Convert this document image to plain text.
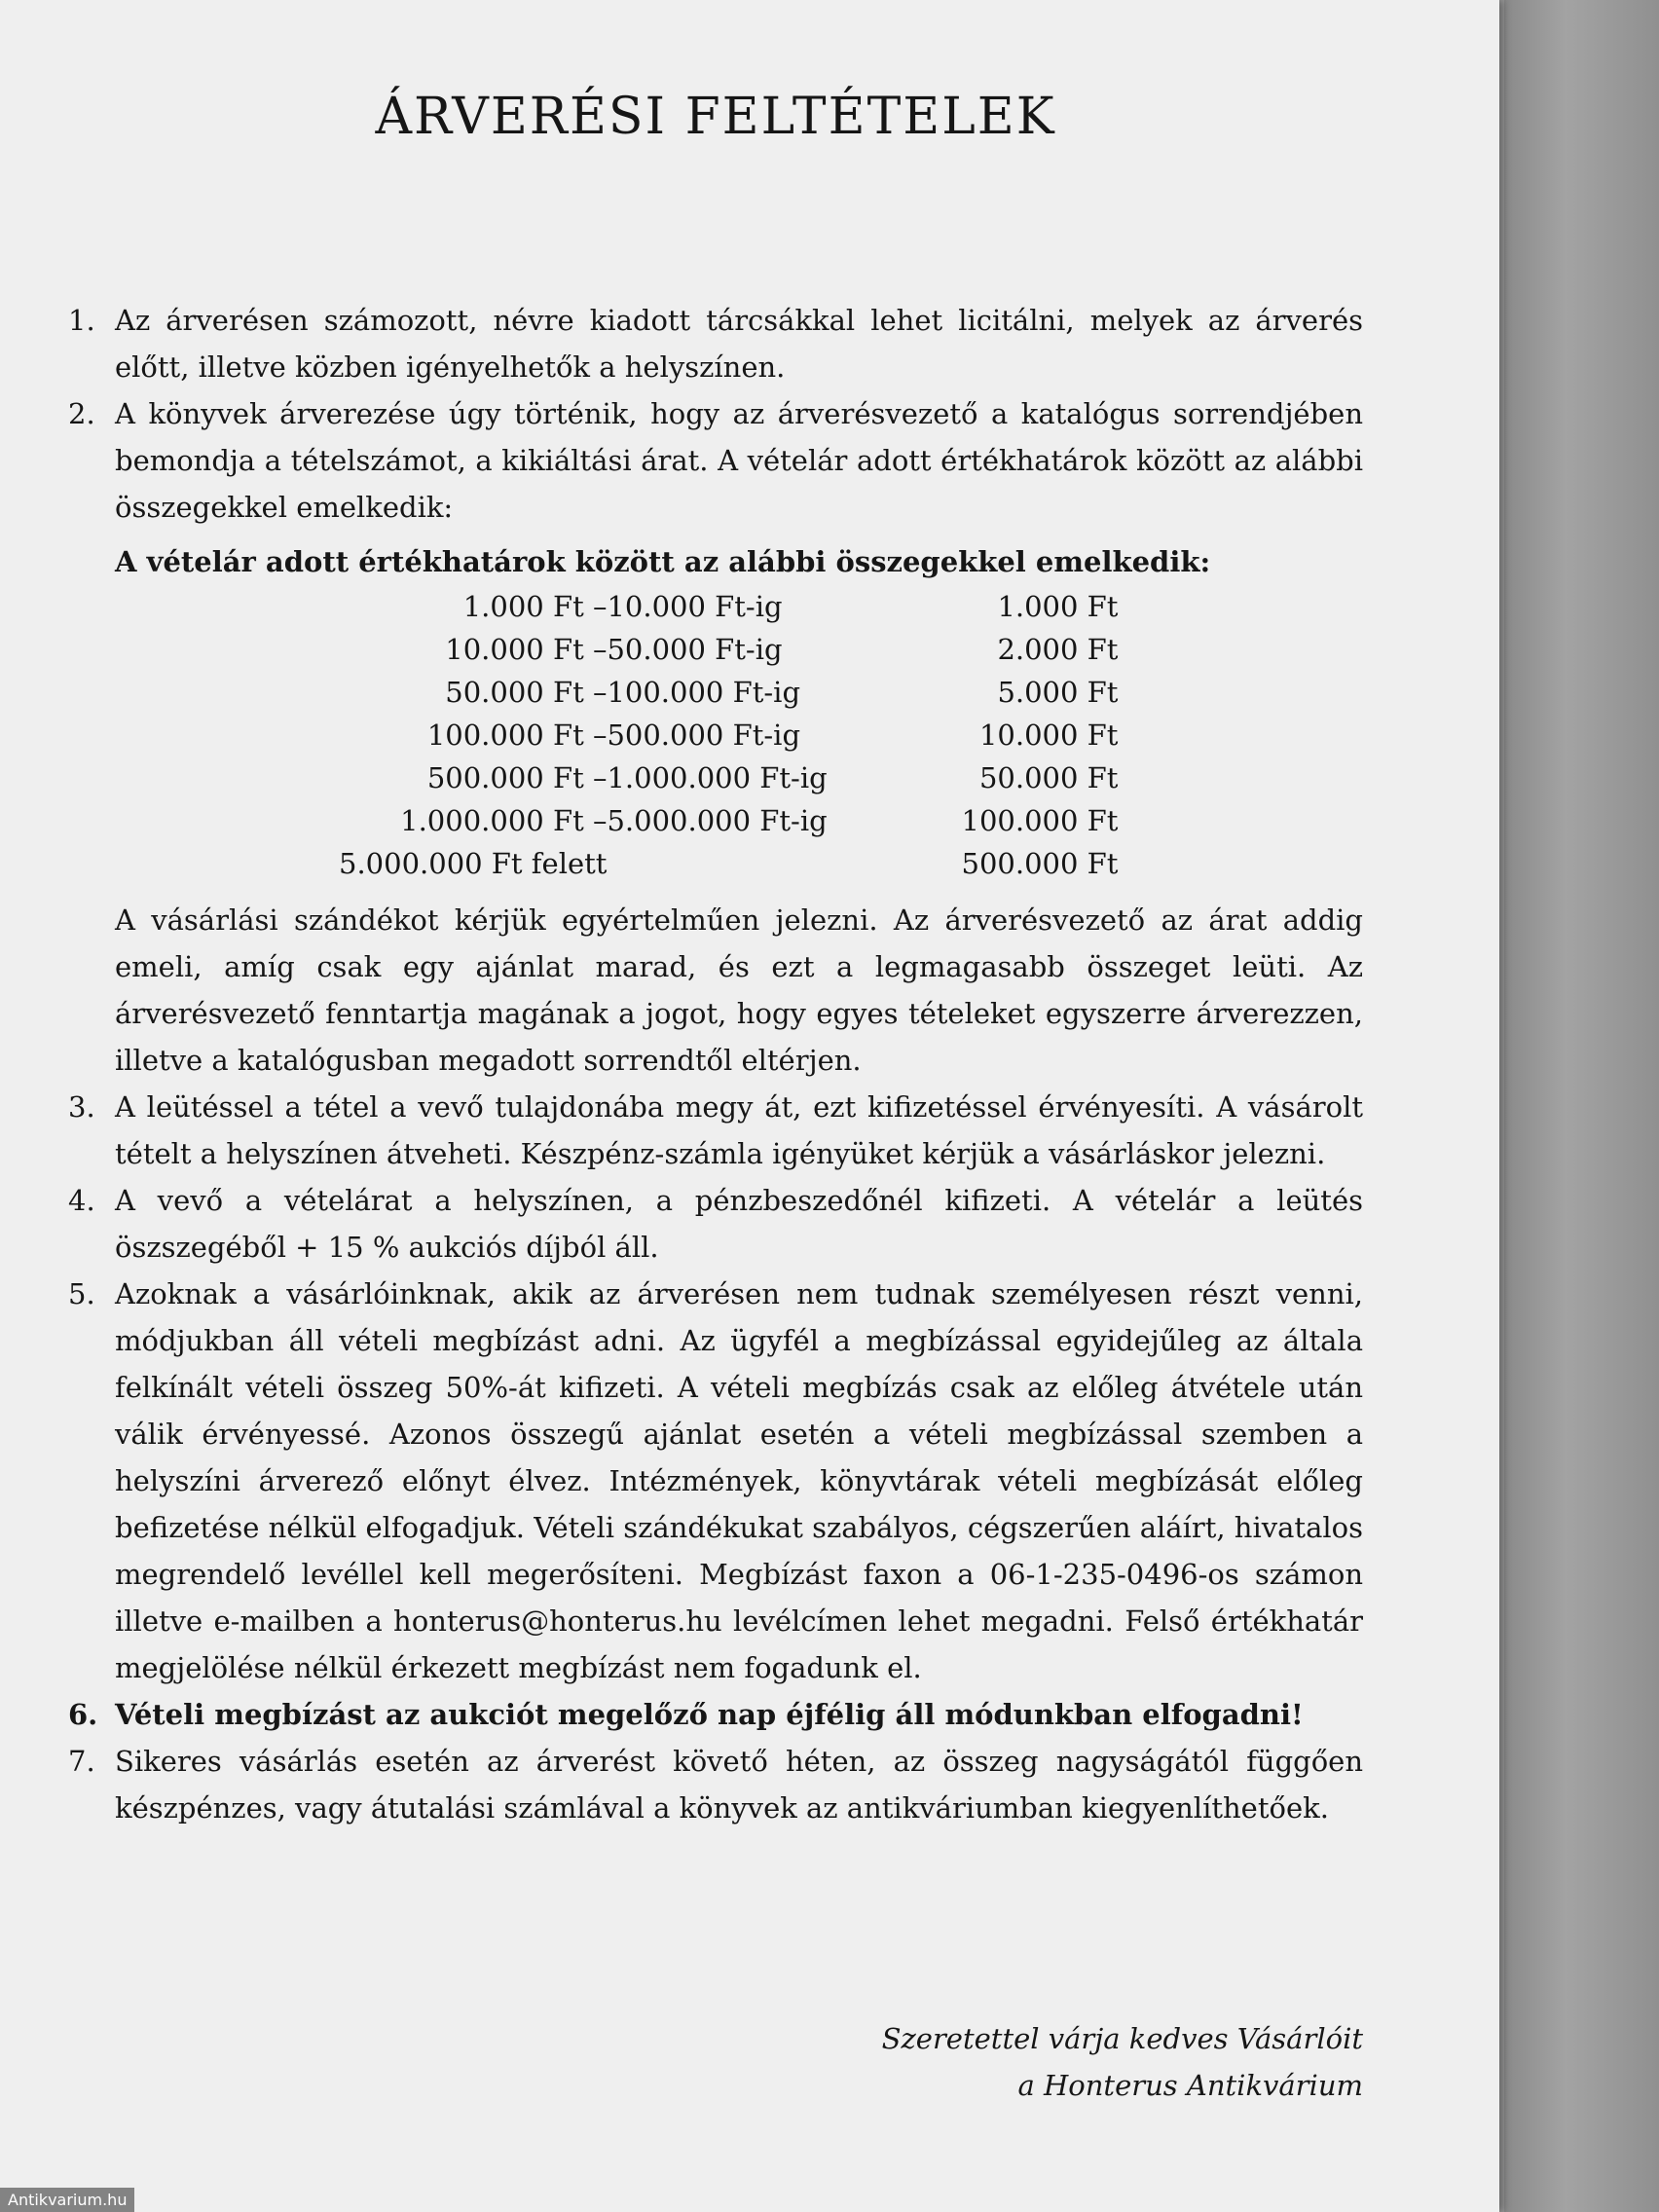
ÁRVERÉSI FELTÉTELEK
1. Az árverésen számozott, névre kiadott tárcsákkal lehet licitálni, melyek az árverés előtt, illetve közben igényelhetők a helyszínen.
2. A könyvek árverezése úgy történik, hogy az árverésvezető a katalógus sorrendjében bemondja a tételszámot, a kikiáltási árat. A vételár adott értékhatárok között az alábbi összegekkel emelkedik:

A vételár adott értékhatárok között az alábbi összegekkel emelkedik:

1.000 Ft –	10.000 Ft-ig	1.000 Ft
10.000 Ft –	50.000 Ft-ig	2.000 Ft
50.000 Ft –	100.000 Ft-ig	5.000 Ft
100.000 Ft –	500.000 Ft-ig	10.000 Ft
500.000 Ft –	1.000.000 Ft-ig	50.000 Ft
1.000.000 Ft –	5.000.000 Ft-ig	100.000 Ft
5.000.000 Ft felett		500.000 Ft

A vásárlási szándékot kérjük egyértelműen jelezni. Az árverésvezető az árat addig emeli, amíg csak egy ajánlat marad, és ezt a legmagasabb összeget leüti. Az árverésvezető fenntartja magának a jogot, hogy egyes tételeket egyszerre árverezzen, illetve a katalógusban megadott sorrendtől eltérjen.

3. A leütéssel a tétel a vevő tulajdonába megy át, ezt kifizetéssel érvényesíti. A vásárolt tételt a helyszínen átveheti. Készpénz-számla igényüket kérjük a vásárláskor jelezni.
4. A vevő a vételárat a helyszínen, a pénzbeszedőnél kifizeti. A vételár a leütés öszszegéből + 15 % aukciós díjból áll.
5. Azoknak a vásárlóinknak, akik az árverésen nem tudnak személyesen részt venni, módjukban áll vételi megbízást adni. Az ügyfél a megbízással egyidejűleg az általa felkínált vételi összeg 50%-át kifizeti. A vételi megbízás csak az előleg átvétele után válik érvényessé. Azonos összegű ajánlat esetén a vételi megbízással szemben a helyszíni árverező előnyt élvez. Intézmények, könyvtárak vételi megbízását előleg befizetése nélkül elfogadjuk. Vételi szándékukat szabályos, cégszerűen aláírt, hivatalos megrendelő levéllel kell megerősíteni. Megbízást faxon a 06-1-235-0496-os számon illetve e-mailben a honterus@honterus.hu levélcímen lehet megadni. Felső értékhatár megjelölése nélkül érkezett megbízást nem fogadunk el.
6. Vételi megbízást az aukciót megelőző nap éjfélig áll módunkban elfogadni!
7. Sikeres vásárlás esetén az árverést követő héten, az összeg nagyságától függően készpénzes, vagy átutalási számlával a könyvek az antikváriumban kiegyenlíthetőek.
Szeretettel várja kedves Vásárlóit
a Honterus Antikvárium
Antikvarium.hu
